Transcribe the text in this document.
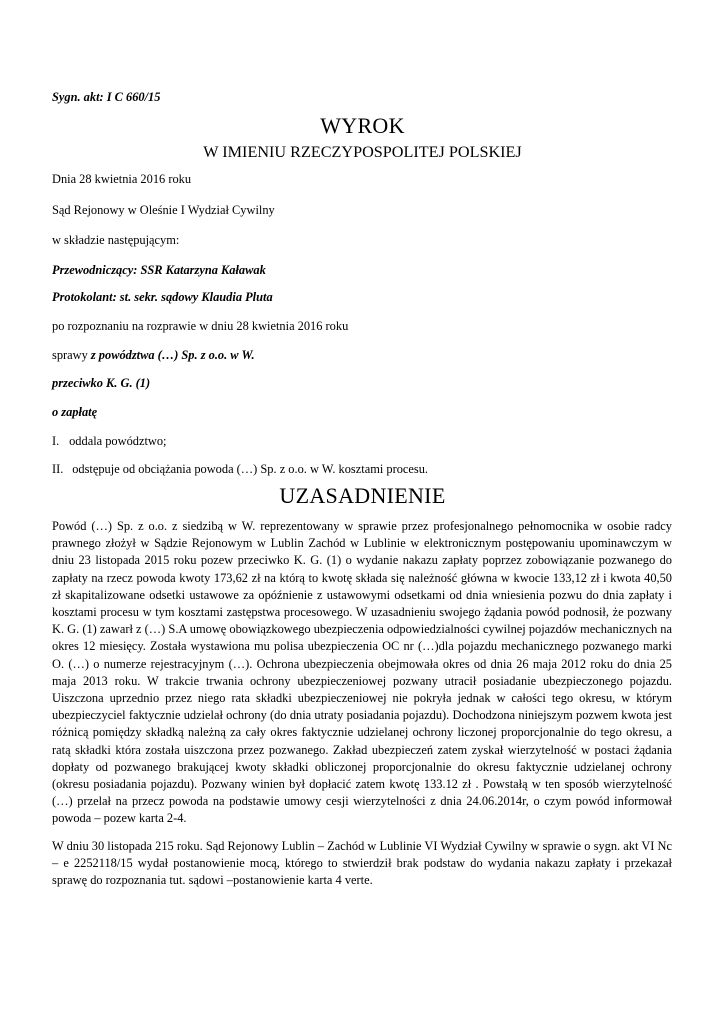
Sygn. akt: I C 660/15

WYROK

W IMIENIU RZECZYPOSPOLITEJ POLSKIEJ

Dnia 28 kwietnia 2016 roku

Sąd Rejonowy w Oleśnie I Wydział Cywilny

w składzie następującym:

Przewodniczący: SSR Katarzyna Kaławak

Protokolant: st. sekr. sądowy Klaudia Pluta

po rozpoznaniu na rozprawie w dniu 28 kwietnia 2016 roku

sprawy z powództwa (…) Sp. z o.o. w W.

przeciwko K. G. (1)

o zapłatę

I. oddala powództwo;

II. odstępuje od obciążania powoda (…) Sp. z o.o. w W. kosztami procesu.

UZASADNIENIE

Powód (…) Sp. z o.o. z siedzibą w W. reprezentowany w sprawie przez profesjonalnego pełnomocnika w osobie radcy prawnego złożył w Sądzie Rejonowym w Lublin Zachód w Lublinie w elektronicznym postępowaniu upominawczym w dniu 23 listopada 2015 roku pozew przeciwko K. G. (1) o wydanie nakazu zapłaty poprzez zobowiązanie pozwanego do zapłaty na rzecz powoda kwoty 173,62 zł na którą to kwotę składa się należność główna w kwocie 133,12 zł i kwota 40,50 zł skapitalizowane odsetki ustawowe za opóźnienie z ustawowymi odsetkami od dnia wniesienia pozwu do dnia zapłaty i kosztami procesu w tym kosztami zastępstwa procesowego. W uzasadnieniu swojego żądania powód podnosił, że pozwany K. G. (1) zawarł z (…) S.A umowę obowiązkowego ubezpieczenia odpowiedzialności cywilnej pojazdów mechanicznych na okres 12 miesięcy. Została wystawiona mu polisa ubezpieczenia OC nr (…)dla pojazdu mechanicznego pozwanego marki O. (…) o numerze rejestracyjnym (…). Ochrona ubezpieczenia obejmowała okres od dnia 26 maja 2012 roku do dnia 25 maja 2013 roku. W trakcie trwania ochrony ubezpieczeniowej pozwany utracił posiadanie ubezpieczonego pojazdu. Uiszczona uprzednio przez niego rata składki ubezpieczeniowej nie pokryła jednak w całości tego okresu, w którym ubezpieczyciel faktycznie udzielał ochrony (do dnia utraty posiadania pojazdu). Dochodzona niniejszym pozwem kwota jest różnicą pomiędzy składką należną za cały okres faktycznie udzielanej ochrony liczonej proporcjonalnie do tego okresu, a ratą składki która została uiszczona przez pozwanego. Zakład ubezpieczeń zatem zyskał wierzytelność w postaci żądania dopłaty od pozwanego brakującej kwoty składki obliczonej proporcjonalnie do okresu faktycznie udzielanej ochrony (okresu posiadania pojazdu). Pozwany winien był dopłacić zatem kwotę 133.12 zł . Powstałą w ten sposób wierzytelność (…) przelał na przecz powoda na podstawie umowy cesji wierzytelności z dnia 24.06.2014r, o czym powód informował powoda – pozew karta 2-4.

W dniu 30 listopada 215 roku. Sąd Rejonowy Lublin – Zachód w Lublinie VI Wydział Cywilny w sprawie o sygn. akt VI Nc – e 2252118/15 wydał postanowienie mocą, którego to stwierdził brak podstaw do wydania nakazu zapłaty i przekazał sprawę do rozpoznania tut. sądowi –postanowienie karta 4 verte.
